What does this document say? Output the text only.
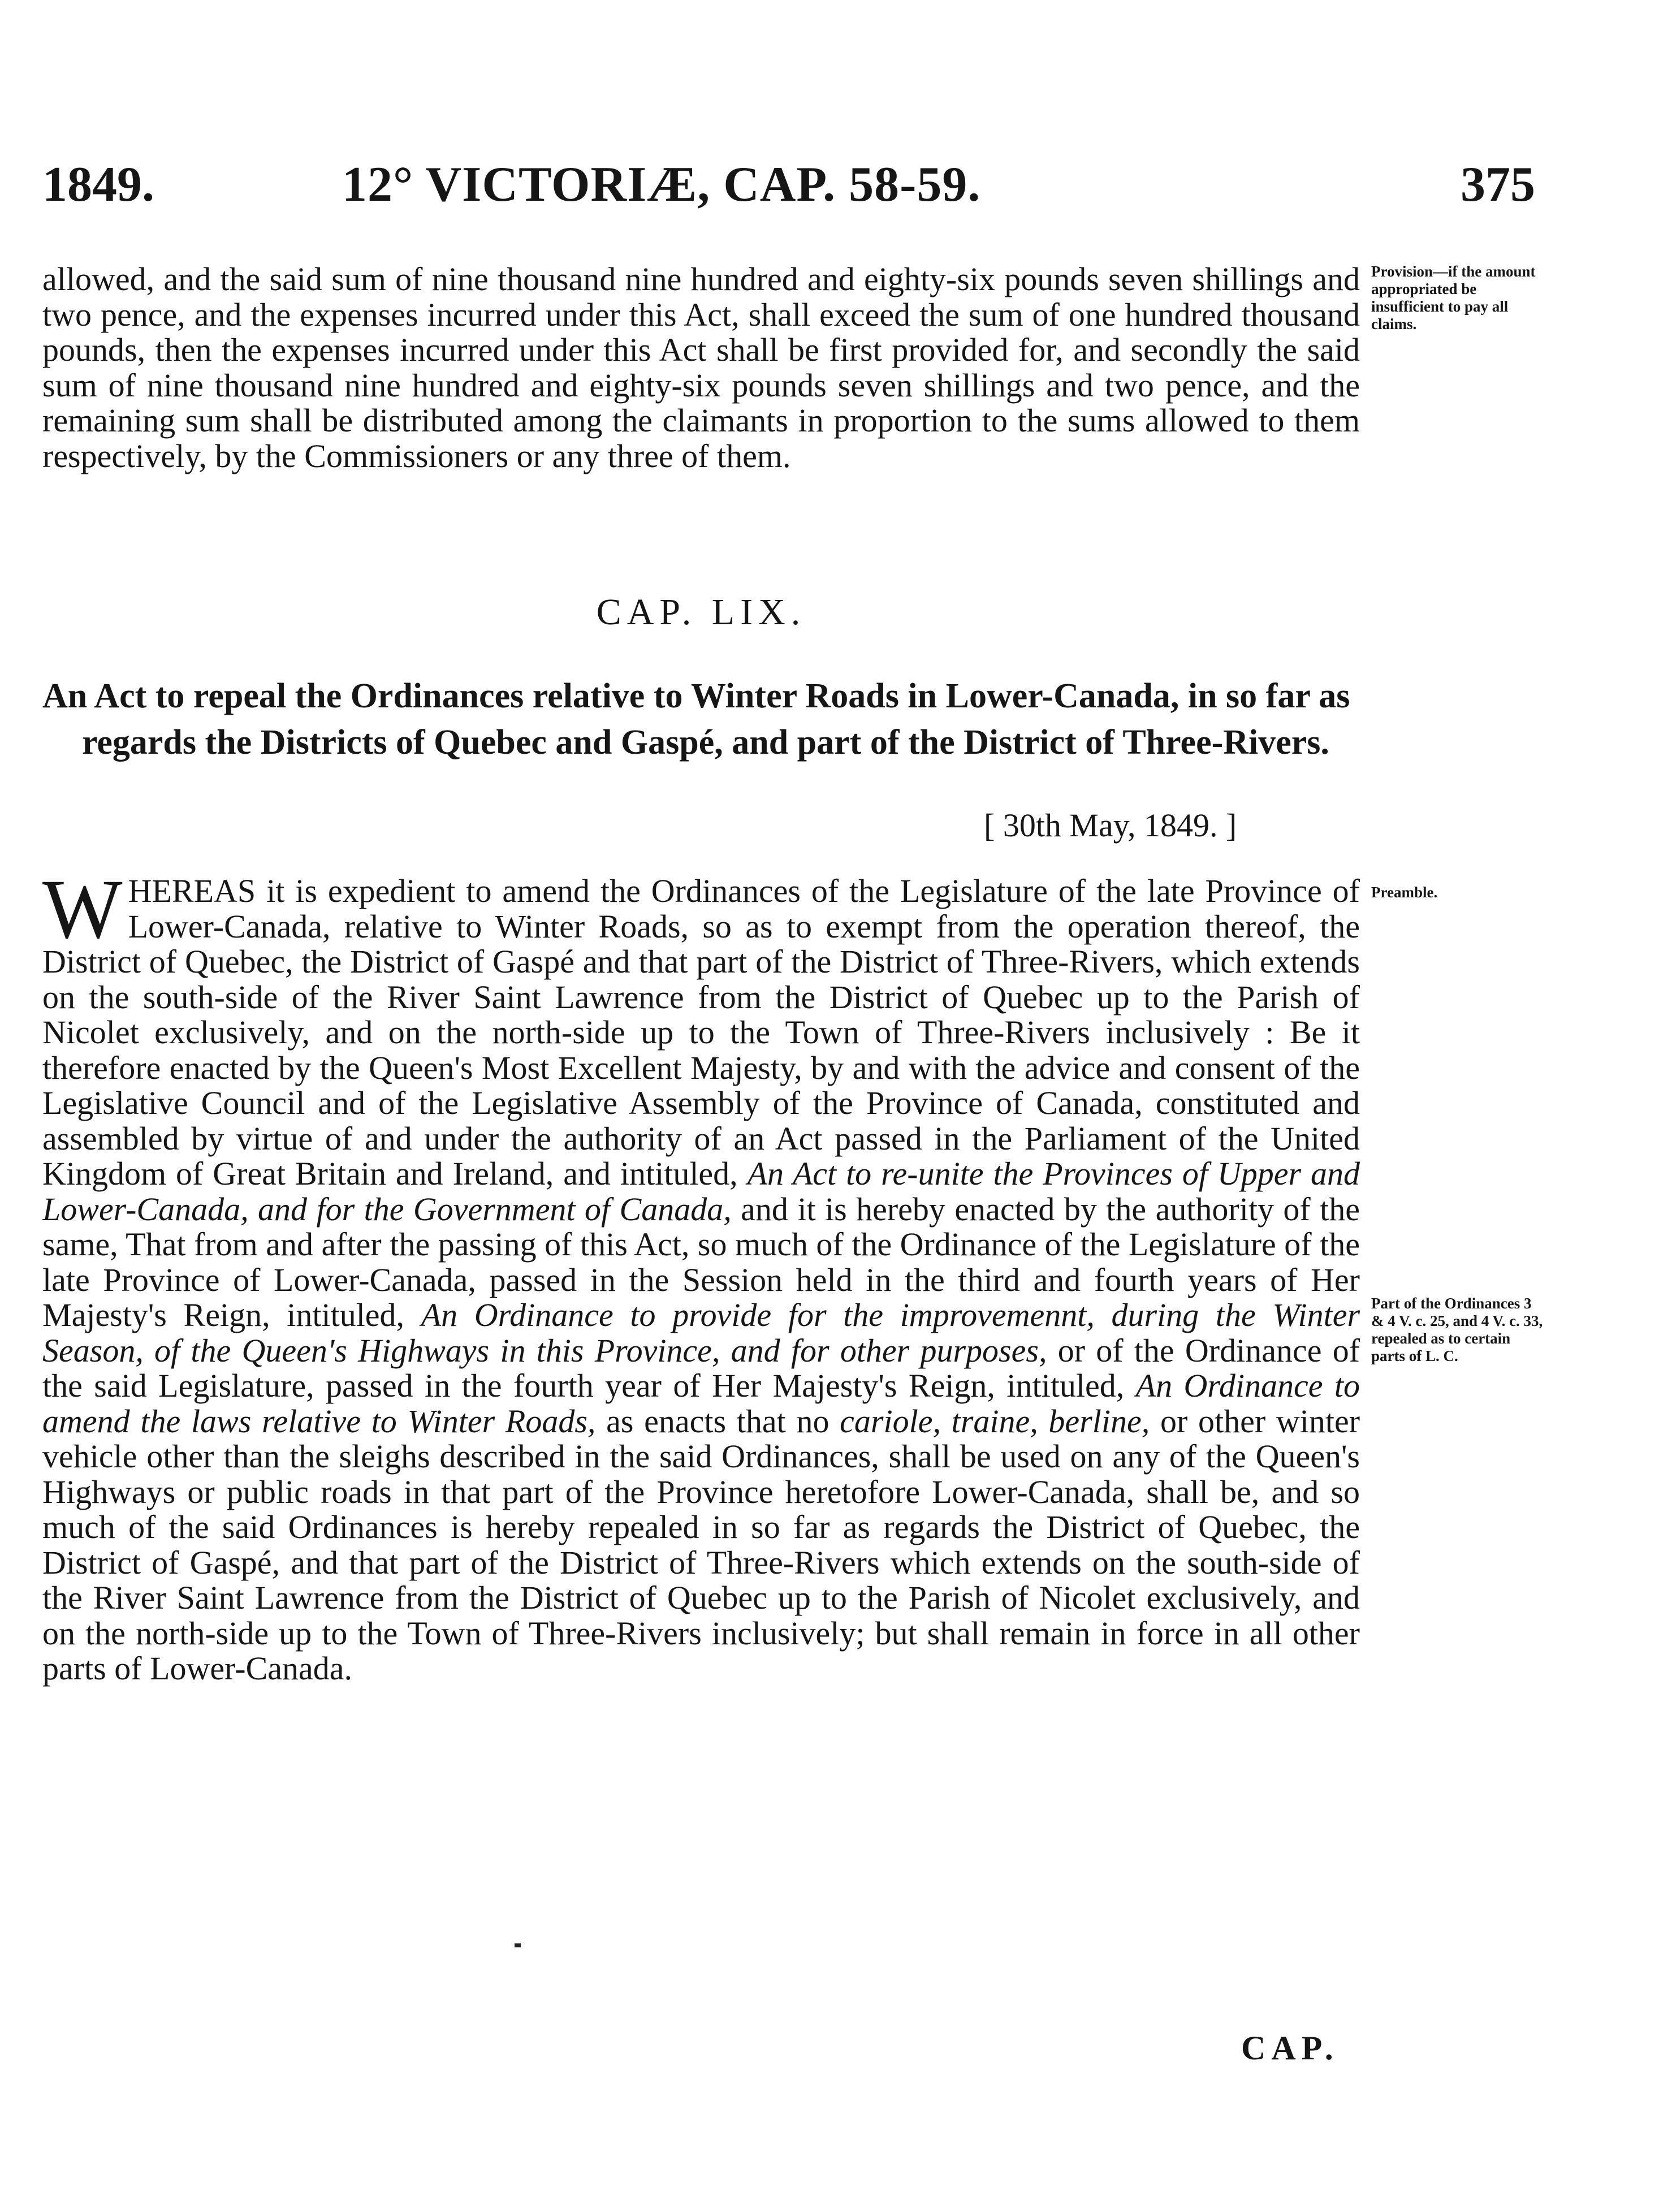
1849.	12° VICTORIÆ, CAP. 58-59.	375

allowed, and the said sum of nine thousand nine hundred and eighty-six pounds seven shillings and two pence, and the expenses incurred under this Act, shall exceed the sum of one hundred thousand pounds, then the expenses incurred under this Act shall be first provided for, and secondly the said sum of nine thousand nine hundred and eighty-six pounds seven shillings and two pence, and the remaining sum shall be distributed among the claimants in proportion to the sums allowed to them respectively, by the Commissioners or any three of them.

Provision—if the amount appropriated be insufficient to pay all claims.

CAP. LIX.

An Act to repeal the Ordinances relative to Winter Roads in Lower-Canada, in so far as regards the Districts of Quebec and Gaspé, and part of the District of Three-Rivers.

[ 30th May, 1849. ]

WHEREAS it is expedient to amend the Ordinances of the Legislature of the late Province of Lower-Canada, relative to Winter Roads, so as to exempt from the operation thereof, the District of Quebec, the District of Gaspé and that part of the District of Three-Rivers, which extends on the south-side of the River Saint Lawrence from the District of Quebec up to the Parish of Nicolet exclusively, and on the north-side up to the Town of Three-Rivers inclusively : Be it therefore enacted by the Queen's Most Excellent Majesty, by and with the advice and consent of the Legislative Council and of the Legislative Assembly of the Province of Canada, constituted and assembled by virtue of and under the authority of an Act passed in the Parliament of the United Kingdom of Great Britain and Ireland, and intituled, An Act to re-unite the Provinces of Upper and Lower-Canada, and for the Government of Canada, and it is hereby enacted by the authority of the same, That from and after the passing of this Act, so much of the Ordinance of the Legislature of the late Province of Lower-Canada, passed in the Session held in the third and fourth years of Her Majesty's Reign, intituled, An Ordinance to provide for the improvemennt, during the Winter Season, of the Queen's Highways in this Province, and for other purposes, or of the Ordinance of the said Legislature, passed in the fourth year of Her Majesty's Reign, intituled, An Ordinance to amend the laws relative to Winter Roads, as enacts that no cariole, traine, berline, or other winter vehicle other than the sleighs described in the said Ordinances, shall be used on any of the Queen's Highways or public roads in that part of the Province heretofore Lower-Canada, shall be, and so much of the said Ordinances is hereby repealed in so far as regards the District of Quebec, the District of Gaspé, and that part of the District of Three-Rivers which extends on the south-side of the River Saint Lawrence from the District of Quebec up to the Parish of Nicolet exclusively, and on the north-side up to the Town of Three-Rivers inclusively; but shall remain in force in all other parts of Lower-Canada.

Preamble.

Part of the Ordinances 3 & 4 V. c. 25, and 4 V. c. 33, repealed as to certain parts of L. C.

CAP.
